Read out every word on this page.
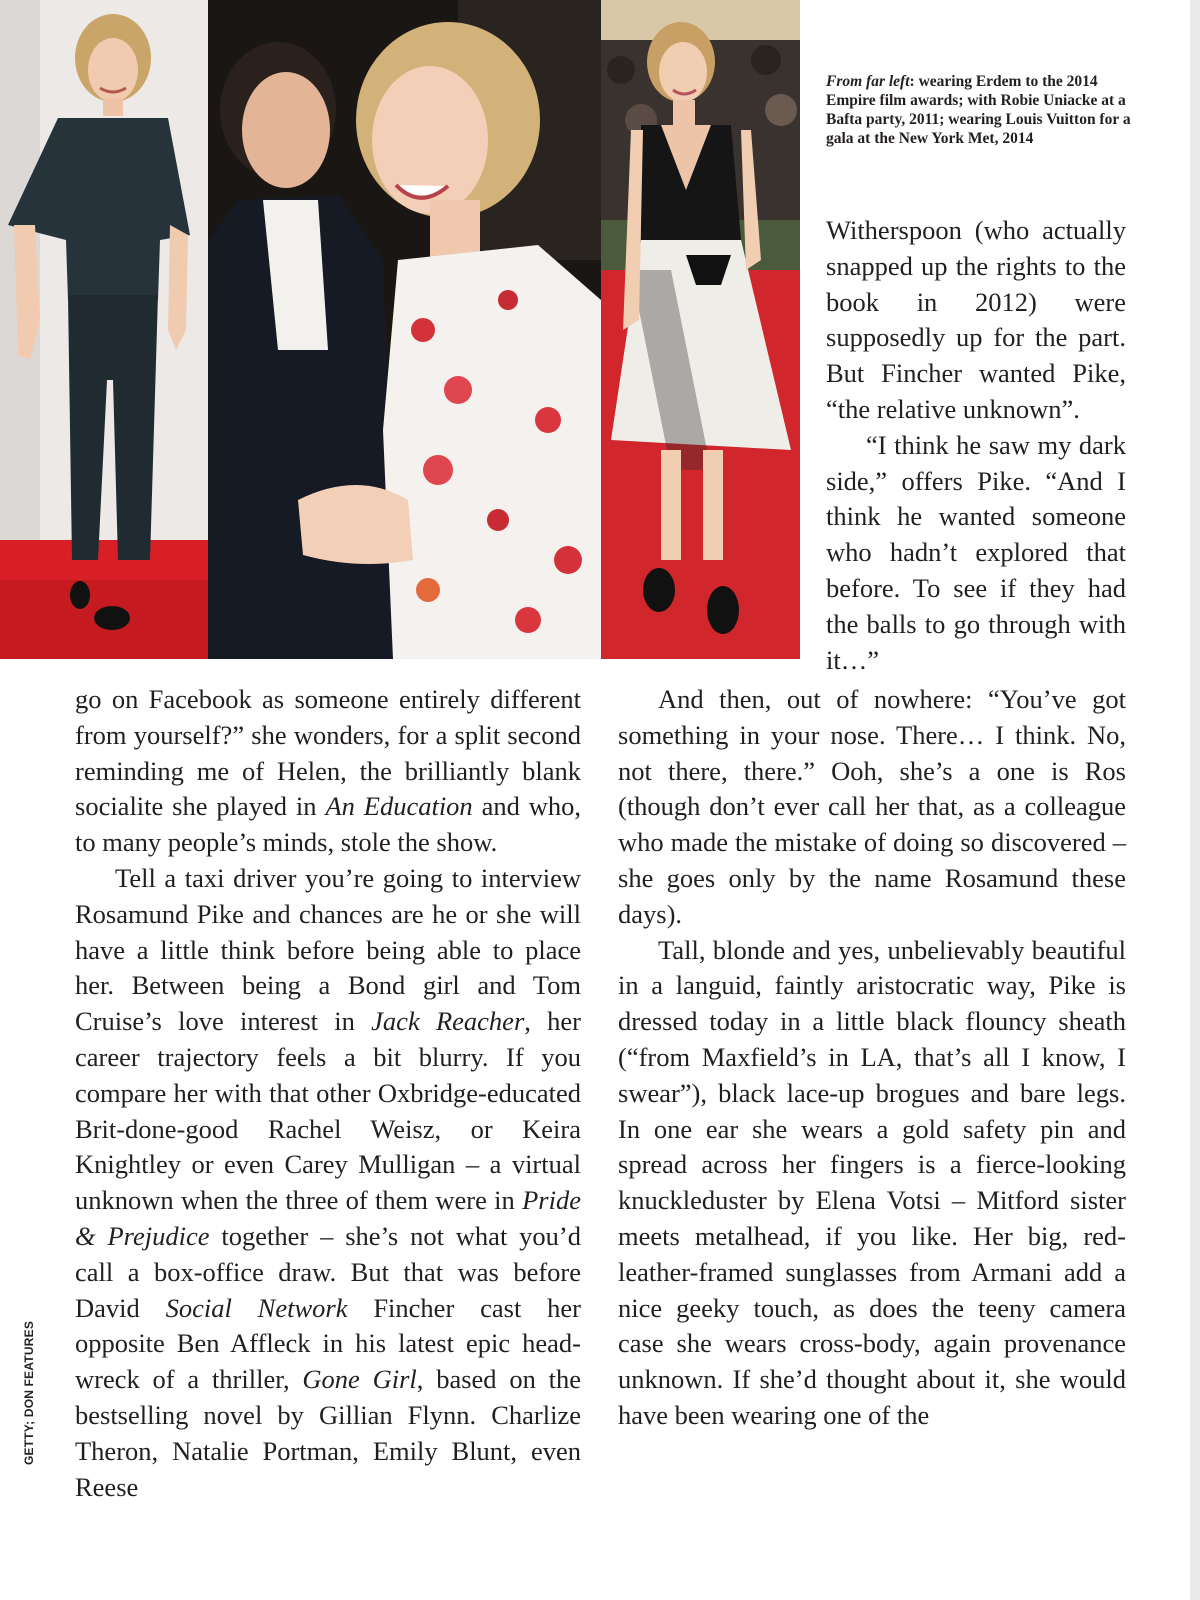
From far left: wearing Erdem to the 2014 Empire film awards; with Robie Uniacke at a Bafta party, 2011; wearing Louis Vuitton for a gala at the New York Met, 2014

Witherspoon (who actually snapped up the rights to the book in 2012) were supposedly up for the part. But Fincher wanted Pike, “the relative unknown”.

“I think he saw my dark side,” offers Pike. “And I think he wanted someone who hadn’t explored that before. To see if they had the balls to go through with it…”

go on Facebook as someone entirely different from yourself?” she wonders, for a split second reminding me of Helen, the brilliantly blank socialite she played in An Education and who, to many people’s minds, stole the show.

Tell a taxi driver you’re going to interview Rosamund Pike and chances are he or she will have a little think before being able to place her. Between being a Bond girl and Tom Cruise’s love interest in Jack Reacher, her career trajectory feels a bit blurry. If you compare her with that other Oxbridge-educated Brit-done-good Rachel Weisz, or Keira Knightley or even Carey Mulligan – a virtual unknown when the three of them were in Pride & Prejudice together – she’s not what you’d call a box-office draw. But that was before David Social Network Fincher cast her opposite Ben Affleck in his latest epic head-wreck of a thriller, Gone Girl, based on the bestselling novel by Gillian Flynn. Charlize Theron, Natalie Portman, Emily Blunt, even Reese

And then, out of nowhere: “You’ve got something in your nose. There… I think. No, not there, there.” Ooh, she’s a one is Ros (though don’t ever call her that, as a colleague who made the mistake of doing so discovered – she goes only by the name Rosamund these days).

Tall, blonde and yes, unbelievably beautiful in a languid, faintly aristocratic way, Pike is dressed today in a little black flouncy sheath (“from Maxfield’s in LA, that’s all I know, I swear”), black lace-up brogues and bare legs. In one ear she wears a gold safety pin and spread across her fingers is a fierce-looking knuckleduster by Elena Votsi – Mitford sister meets metalhead, if you like. Her big, red-leather-framed sunglasses from Armani add a nice geeky touch, as does the teeny camera case she wears cross-body, again provenance unknown. If she’d thought about it, she would have been wearing one of the

GETTY; DON FEATURES
